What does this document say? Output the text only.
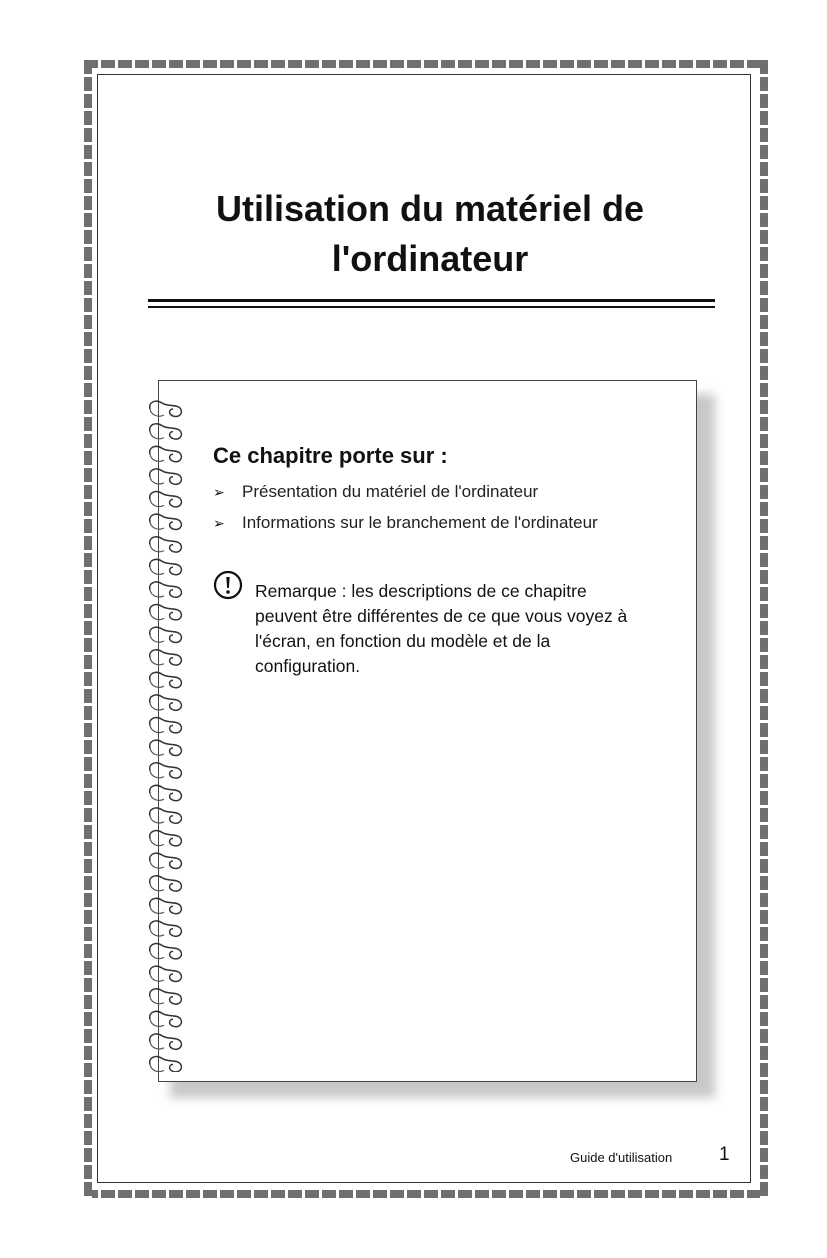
Utilisation du matériel de l'ordinateur
Ce chapitre porte sur :
➢ Présentation du matériel de l'ordinateur
➢ Informations sur le branchement de l'ordinateur

Remarque : les descriptions de ce chapitre peuvent être différentes de ce que vous voyez à l'écran, en fonction du modèle et de la configuration.

Guide d'utilisation 1
